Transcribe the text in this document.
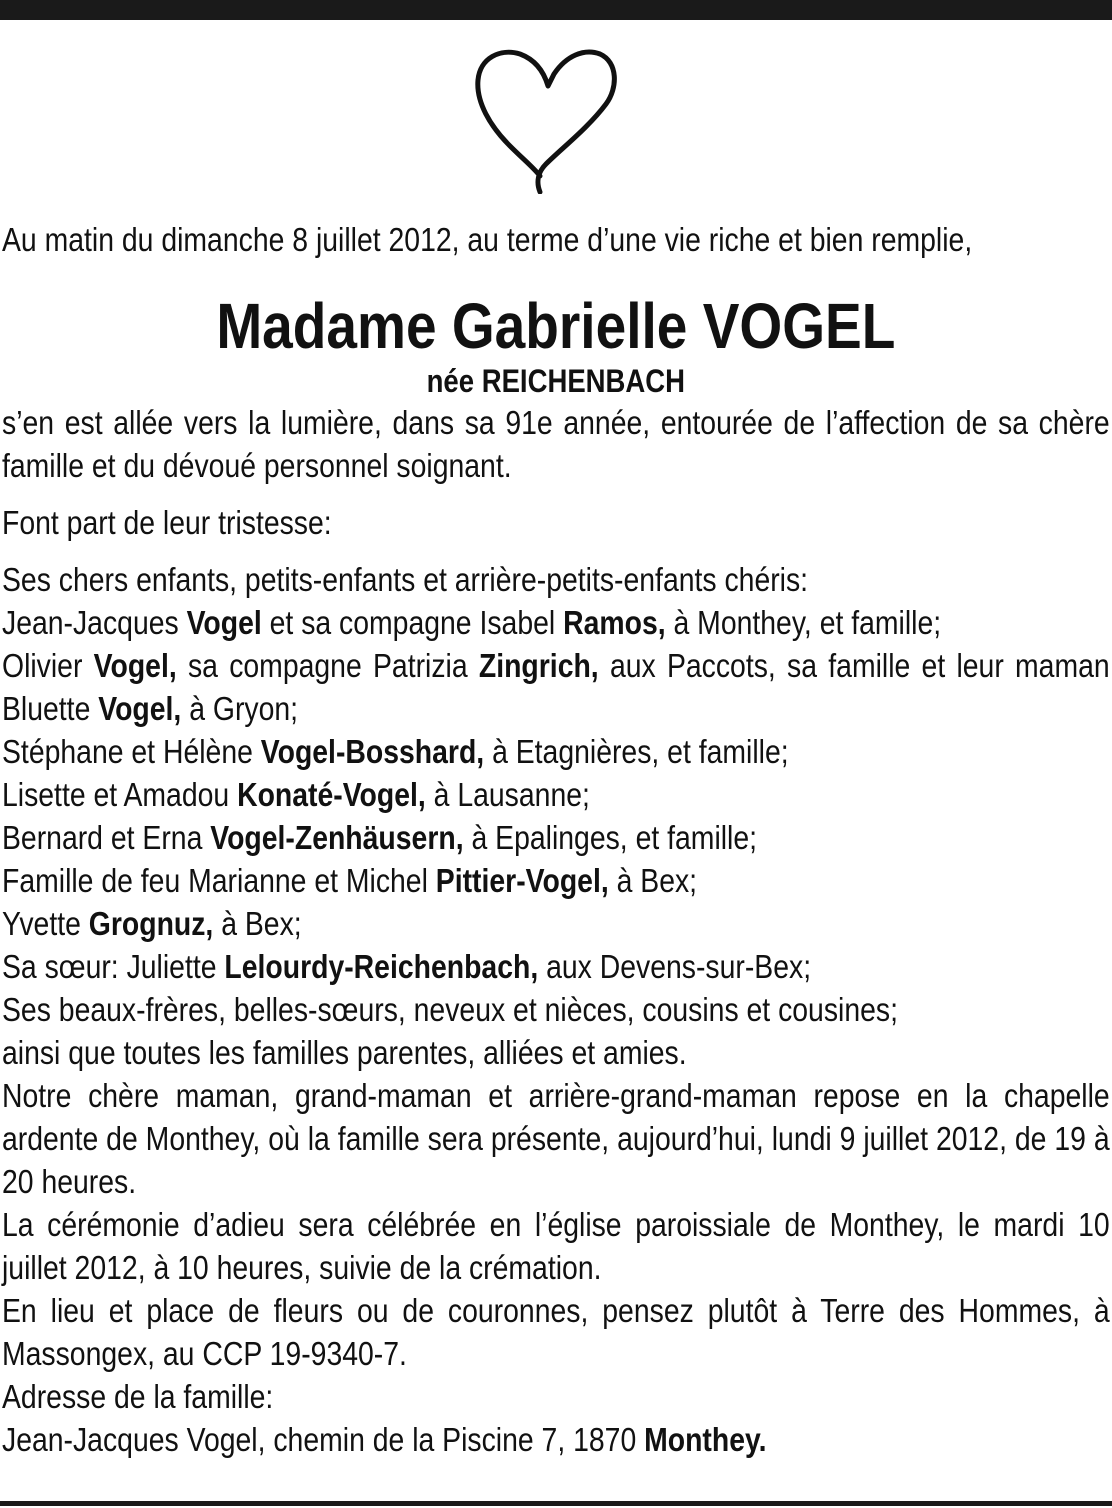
Au matin du dimanche 8 juillet 2012, au terme d’une vie riche et bien remplie,

Madame Gabrielle VOGEL

née REICHENBACH

s’en est allée vers la lumière, dans sa 91e année, entourée de l’affection de sa chère famille et du dévoué personnel soignant.

Font part de leur tristesse:

Ses chers enfants, petits-enfants et arrière-petits-enfants chéris:

Jean-Jacques Vogel et sa compagne Isabel Ramos, à Monthey, et famille;

Olivier Vogel, sa compagne Patrizia Zingrich, aux Paccots, sa famille et leur maman Bluette Vogel, à Gryon;

Stéphane et Hélène Vogel-Bosshard, à Etagnières, et famille;

Lisette et Amadou Konaté-Vogel, à Lausanne;

Bernard et Erna Vogel-Zenhäusern, à Epalinges, et famille;

Famille de feu Marianne et Michel Pittier-Vogel, à Bex;

Yvette Grognuz, à Bex;

Sa sœur: Juliette Lelourdy-Reichenbach, aux Devens-sur-Bex;

Ses beaux-frères, belles-sœurs, neveux et nièces, cousins et cousines;

ainsi que toutes les familles parentes, alliées et amies.

Notre chère maman, grand-maman et arrière-grand-maman repose en la chapelle ardente de Monthey, où la famille sera présente, aujourd’hui, lundi 9 juillet 2012, de 19 à 20 heures.

La cérémonie d’adieu sera célébrée en l’église paroissiale de Monthey, le mardi 10 juillet 2012, à 10 heures, suivie de la crémation.

En lieu et place de fleurs ou de couronnes, pensez plutôt à Terre des Hommes, à Massongex, au CCP 19-9340-7.

Adresse de la famille:

Jean-Jacques Vogel, chemin de la Piscine 7, 1870 Monthey.
